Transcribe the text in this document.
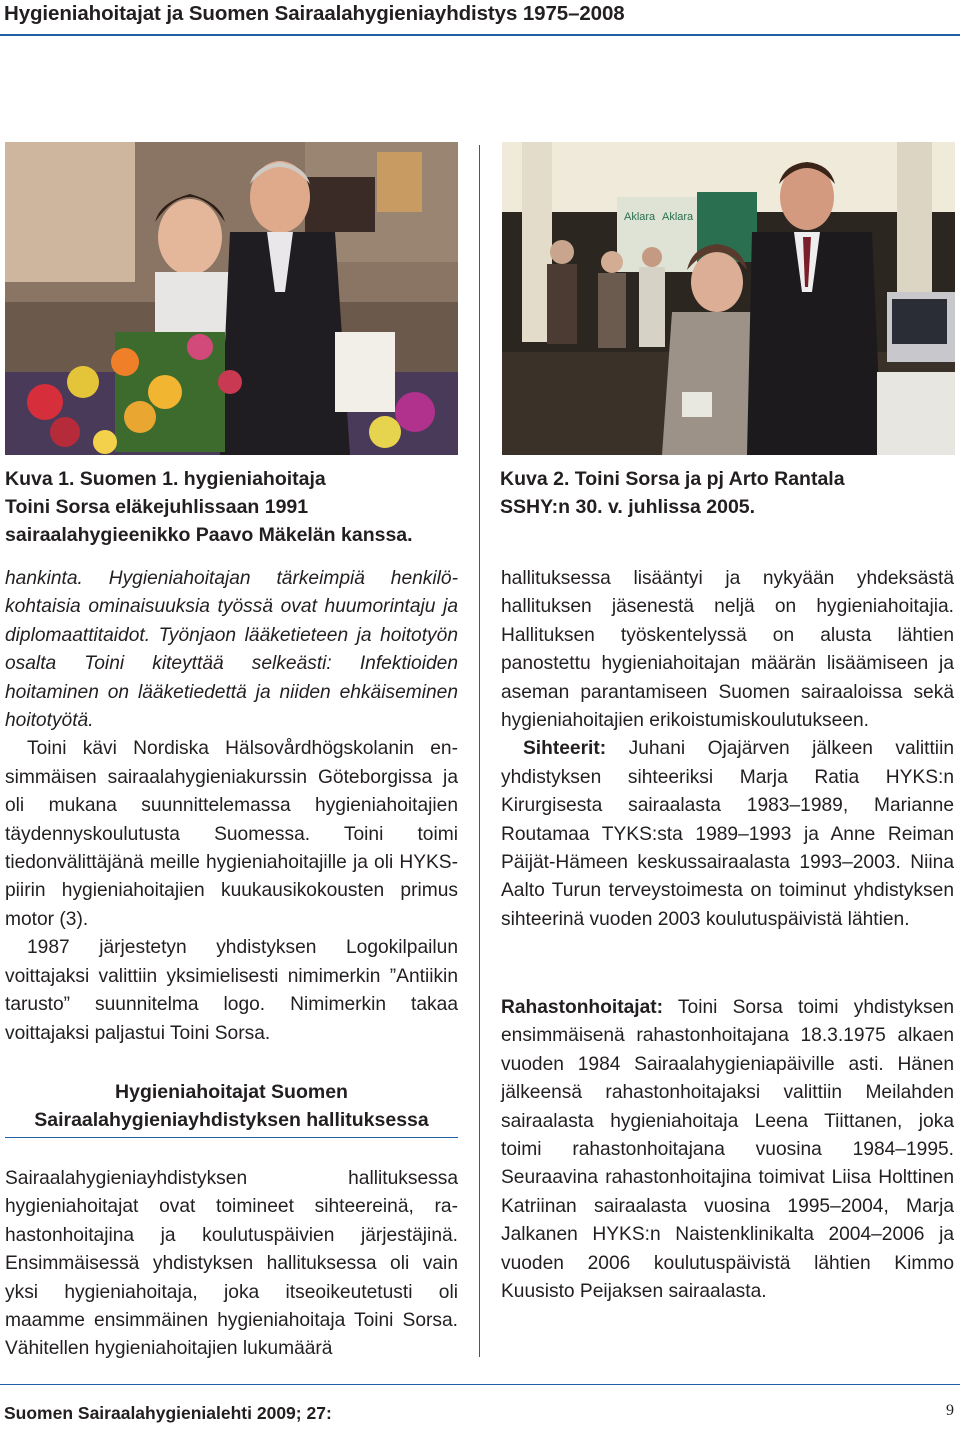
Hygieniahoitajat ja Suomen Sairaalahygieniayhdistys 1975–2008
Aklara Aklara
Kuva 1. Suomen 1. hygieniahoitaja
Toini Sorsa eläkejuhlissaan 1991
sairaalahygieenikko Paavo Mäkelän kanssa.
Kuva 2. Toini Sorsa ja pj Arto Rantala
SSHY:n 30. v. juhlissa 2005.

hankinta. Hygieniahoitajan tärkeimpiä henkilökohtaisia ominaisuuksia työssä ovat huumorintaju ja diplomaattitaidot. Työnjaon lääketieteen ja hoitotyön osalta Toini kiteyttää selkeästi: Infektioiden hoitaminen on lääketiedettä ja niiden ehkäiseminen hoitotyötä.

Toini kävi Nordiska Hälsovårdhögskolanin ensimmäisen sairaalahygieniakurssin Göteborgissa ja oli mukana suunnittelemassa hygieniahoitajien täydennyskoulutusta Suomessa. Toini toimi tiedonvälittäjänä meille hygieniahoitajille ja oli HYKS-piirin hygieniahoitajien kuukausikokousten primus motor (3).

1987 järjestetyn yhdistyksen Logokilpailun voittajaksi valittiin yksimielisesti nimimerkin ”Antiikin tarusto” suunnitelma logo. Nimimerkin takaa voittajaksi paljastui Toini Sorsa.

Hygieniahoitajat Suomen
Sairaalahygieniayhdistyksen hallituksessa

Sairaalahygieniayhdistyksen hallituksessa hygieniahoitajat ovat toimineet sihteereinä, rahastonhoitajina ja koulutuspäivien järjestäjinä. Ensimmäisessä yhdistyksen hallituksessa oli vain yksi hygieniahoitaja, joka itseoikeutetusti oli maamme ensimmäinen hygieniahoitaja Toini Sorsa. Vähitellen hygieniahoitajien lukumäärä

hallituksessa lisääntyi ja nykyään yhdeksästä hallituksen jäsenestä neljä on hygieniahoitajia. Hallituksen työskentelyssä on alusta lähtien panostettu hygieniahoitajan määrän lisäämiseen ja aseman parantamiseen Suomen sairaaloissa sekä hygieniahoitajien erikoistumiskoulutukseen.

Sihteerit: Juhani Ojajärven jälkeen valittiin yhdistyksen sihteeriksi Marja Ratia HYKS:n Kirurgisesta sairaalasta 1983–1989, Marianne Routamaa TYKS:sta 1989–1993 ja Anne Reiman Päijät-Hämeen keskussairaalasta 1993–2003. Niina Aalto Turun terveystoimesta on toiminut yhdistyksen sihteerinä vuoden 2003 koulutuspäivistä lähtien.

Rahastonhoitajat: Toini Sorsa toimi yhdistyksen ensimmäisenä rahastonhoitajana 18.3.1975 alkaen vuoden 1984 Sairaalahygieniapäiville asti. Hänen jälkeensä rahastonhoitajaksi valittiin Meilahden sairaalasta hygieniahoitaja Leena Tiittanen, joka toimi rahastonhoitajana vuosina 1984–1995. Seuraavina rahastonhoitajina toimivat Liisa Holttinen Katriinan sairaalasta vuosina 1995–2004, Marja Jalkanen HYKS:n Naistenklinikalta 2004–2006 ja vuoden 2006 koulutuspäivistä lähtien Kimmo Kuusisto Peijaksen sairaalasta.

Suomen Sairaalahygienialehti 2009; 27:	9
